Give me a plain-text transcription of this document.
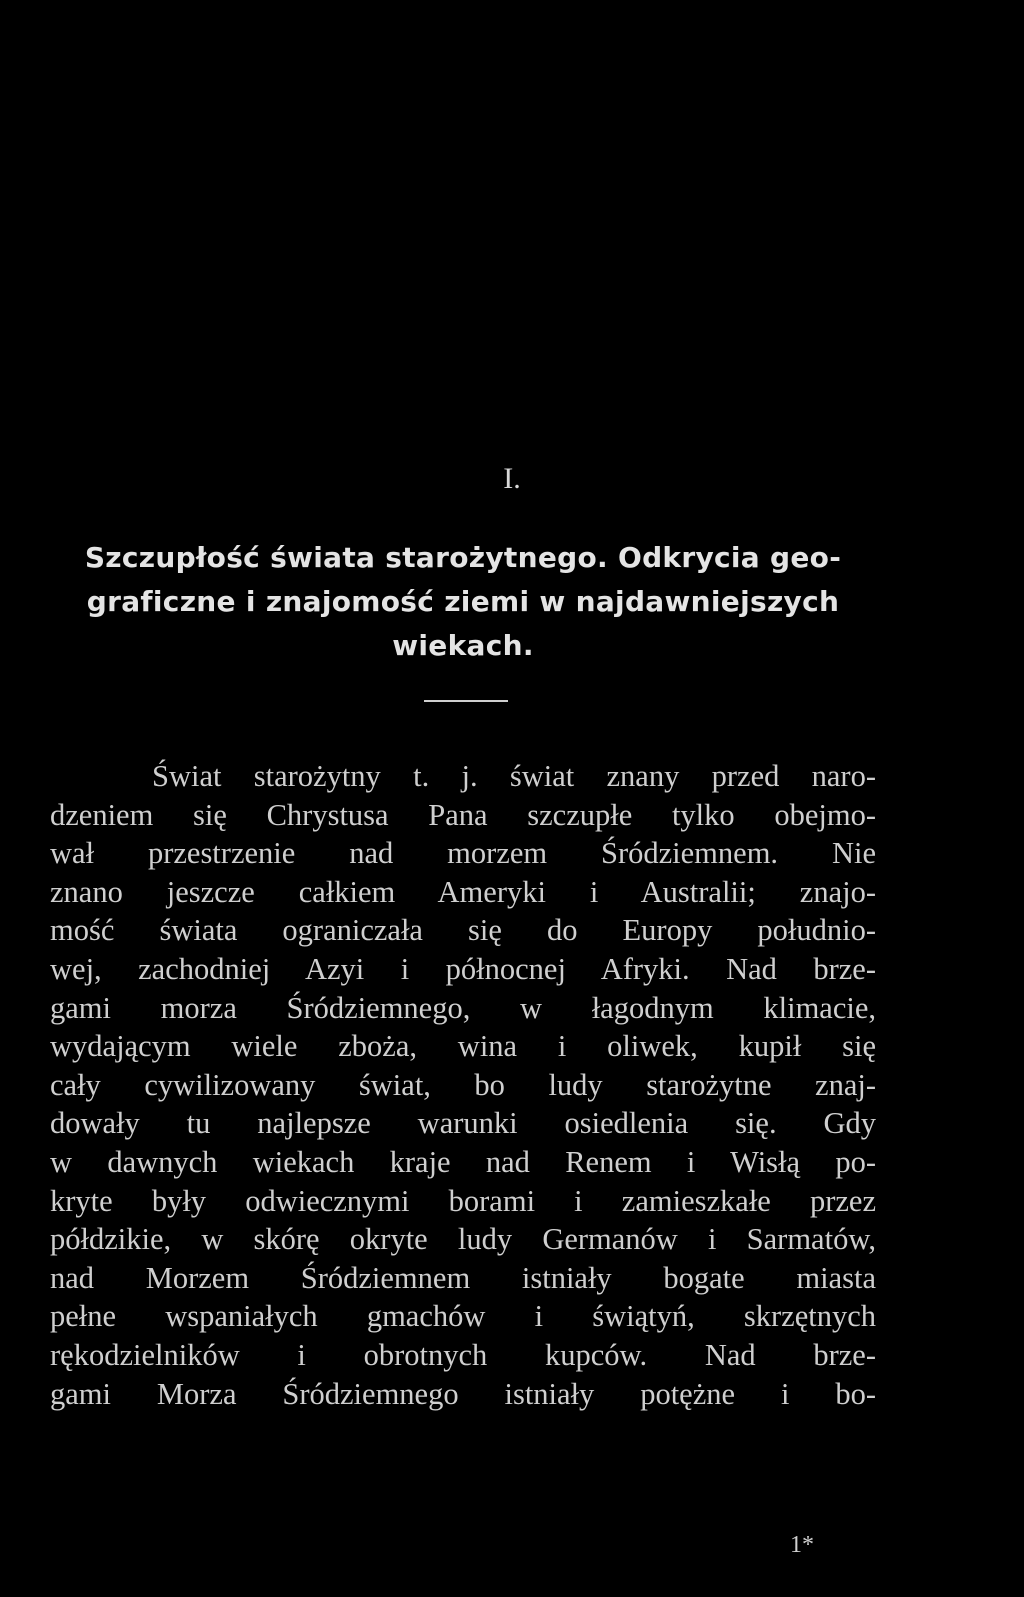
I.
Szczupłość świata starożytnego. Odkrycia geo-
graficzne i znajomość ziemi w najdawniejszych
wiekach.
Świat starożytny t. j. świat znany przed naro-
dzeniem się Chrystusa Pana szczupłe tylko obejmo-
wał przestrzenie nad morzem Śródziemnem. Nie
znano jeszcze całkiem Ameryki i Australii; znajo-
mość świata ograniczała się do Europy południo-
wej, zachodniej Azyi i północnej Afryki. Nad brze-
gami morza Śródziemnego, w łagodnym klimacie,
wydającym wiele zboża, wina i oliwek, kupił się
cały cywilizowany świat, bo ludy starożytne znaj-
dowały tu najlepsze warunki osiedlenia się. Gdy
w dawnych wiekach kraje nad Renem i Wisłą po-
kryte były odwiecznymi borami i zamieszkałe przez
półdzikie, w skórę okryte ludy Germanów i Sarmatów,
nad Morzem Śródziemnem istniały bogate miasta
pełne wspaniałych gmachów i świątyń, skrzętnych
rękodzielników i obrotnych kupców. Nad brze-
gami Morza Śródziemnego istniały potężne i bo-
1*
